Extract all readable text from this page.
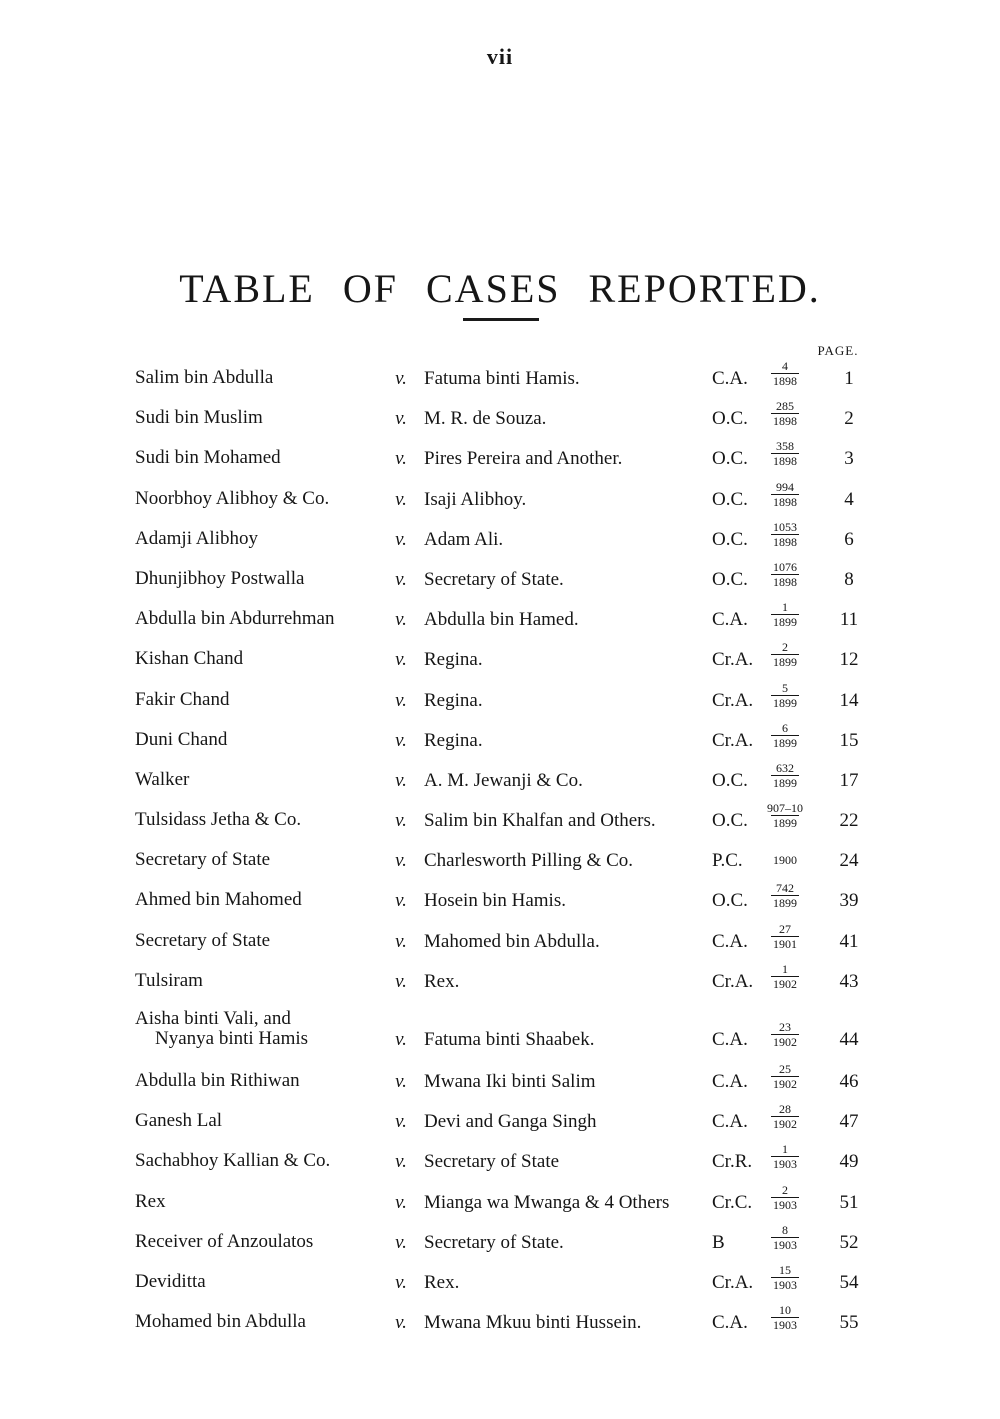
vii
TABLE OF CASES REPORTED.
PAGE.
Salim bin Abdulla	v. Fatuma binti Hamis.	C.A.	$\frac{4}{1898}$	1
Sudi bin Muslim	v. M. R. de Souza.	O.C.	$\frac{285}{1898}$	2
Sudi bin Mohamed	v. Pires Pereira and Another.	O.C.	$\frac{358}{1898}$	3
Noorbhoy Alibhoy & Co.	v. Isaji Alibhoy.	O.C.	$\frac{994}{1898}$	4
Adamji Alibhoy	v. Adam Ali.	O.C.	$\frac{1053}{1898}$	6
Dhunjibhoy Postwalla	v. Secretary of State.	O.C.	$\frac{1076}{1898}$	8
Abdulla bin Abdurrehman	v. Abdulla bin Hamed.	C.A.	$\frac{1}{1899}$	11
Kishan Chand	v. Regina.	Cr.A. $\frac{2}{1899}$	12
Fakir Chand	v. Regina.	Cr.A. $\frac{5}{1899}$	14
Duni Chand	v. Regina.	Cr.A. $\frac{6}{1899}$	15
Walker	v. A. M. Jewanji & Co.	O.C.	$\frac{632}{1899}$	17
Tulsidass Jetha & Co.	v. Salim bin Khalfan and Others.	O.C.	$\frac{907-10}{1899}$	22
Secretary of State	v. Charlesworth Pilling & Co.	P.C.	1900	24
Ahmed bin Mahomed	v. Hosein bin Hamis.	O.C.	$\frac{742}{1899}$	39
Secretary of State	v. Mahomed bin Abdulla.	C.A.	$\frac{27}{1901}$	41
Tulsiram	v. Rex.	Cr.A. $\frac{1}{1902}$	43
Aisha binti Vali, and
Nyanya binti Hamis	v. Fatuma binti Shaabek.	C.A.	$\frac{23}{1902}$	44
Abdulla bin Rithiwan	v. Mwana Iki binti Salim	C.A.	$\frac{25}{1902}$	46
Ganesh Lal	v. Devi and Ganga Singh	C.A.	$\frac{28}{1902}$	47
Sachabhoy Kallian & Co.	v. Secretary of State	Cr.R. $\frac{1}{1903}$	49
Rex	v. Mianga wa Mwanga & 4 Others	Cr.C. $\frac{2}{1903}$	51
Receiver of Anzoulatos	v. Secretary of State.	B	$\frac{8}{1903}$	52
Deviditta	v. Rex.	Cr.A. $\frac{15}{1903}$	54
Mohamed bin Abdulla	v. Mwana Mkuu binti Hussein.	C.A.	$\frac{10}{1903}$	55
